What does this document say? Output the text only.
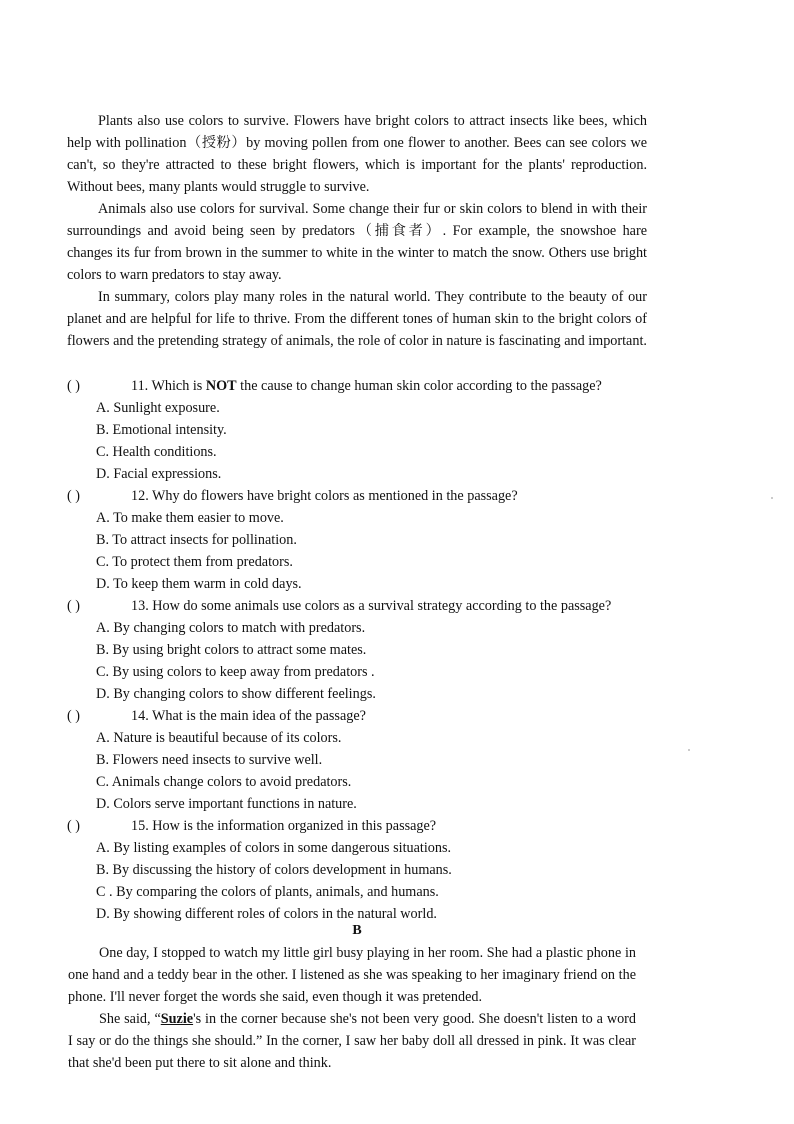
Plants also use colors to survive. Flowers have bright colors to attract insects like bees, which help with pollination（授粉）by moving pollen from one flower to another. Bees can see colors we can't, so they're attracted to these bright flowers, which is important for the plants' reproduction. Without bees, many plants would struggle to survive.

Animals also use colors for survival. Some change their fur or skin colors to blend in with their surroundings and avoid being seen by predators（捕食者）. For example, the snowshoe hare changes its fur from brown in the summer to white in the winter to match the snow. Others use bright colors to warn predators to stay away.

In summary, colors play many roles in the natural world. They contribute to the beauty of our planet and are helpful for life to thrive. From the different tones of human skin to the bright colors of flowers and the pretending strategy of animals, the role of color in nature is fascinating and important.

( )	11. Which is NOT the cause to change human skin color according to the passage?
A. Sunlight exposure.
B. Emotional intensity.
C. Health conditions.
D. Facial expressions.
( )	12. Why do flowers have bright colors as mentioned in the passage?
A. To make them easier to move.
B. To attract insects for pollination.
C. To protect them from predators.
D. To keep them warm in cold days.
( )	13. How do some animals use colors as a survival strategy according to the passage?
A. By changing colors to match with predators.
B. By using bright colors to attract some mates.
C. By using colors to keep away from predators .
D. By changing colors to show different feelings.
( )	14. What is the main idea of the passage?
A. Nature is beautiful because of its colors.
B. Flowers need insects to survive well.
C. Animals change colors to avoid predators.
D. Colors serve important functions in nature.
( )	15. How is the information organized in this passage?
A. By listing examples of colors in some dangerous situations.
B. By discussing the history of colors development in humans.
C . By comparing the colors of plants, animals, and humans.
D. By showing different roles of colors in the natural world.
B

One day, I stopped to watch my little girl busy playing in her room. She had a plastic phone in one hand and a teddy bear in the other. I listened as she was speaking to her imaginary friend on the phone. I'll never forget the words she said, even though it was pretended.

She said, “Suzie's in the corner because she's not been very good. She doesn't listen to a word I say or do the things she should.” In the corner, I saw her baby doll all dressed in pink. It was clear that she'd been put there to sit alone and think.
